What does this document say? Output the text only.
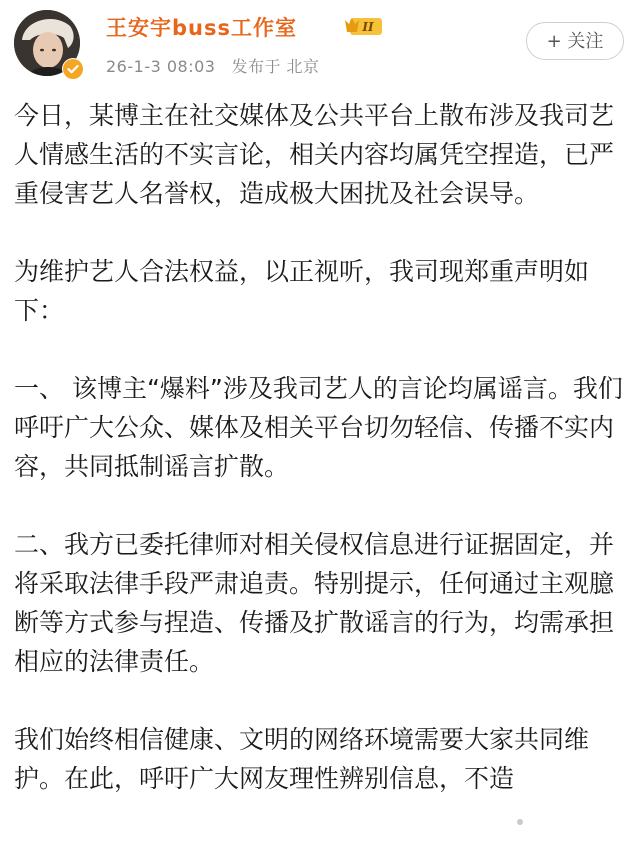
王安宇buss工作室	II
26-1-3 08:03 发布于 北京
+ 关注

今日，某博主在社交媒体及公共平台上散布涉及我司艺人情感生活的不实言论，相关内容均属凭空捏造，已严重侵害艺人名誉权，造成极大困扰及社会误导。

为维护艺人合法权益，以正视听，我司现郑重声明如下：

一、 该博主“爆料”涉及我司艺人的言论均属谣言。我们呼吁广大公众、媒体及相关平台切勿轻信、传播不实内容，共同抵制谣言扩散。

二、我方已委托律师对相关侵权信息进行证据固定，并将采取法律手段严肃追责。特别提示，任何通过主观臆断等方式参与捏造、传播及扩散谣言的行为，均需承担相应的法律责任。

我们始终相信健康、文明的网络环境需要大家共同维护。在此，呼吁广大网友理性辨别信息，不造
